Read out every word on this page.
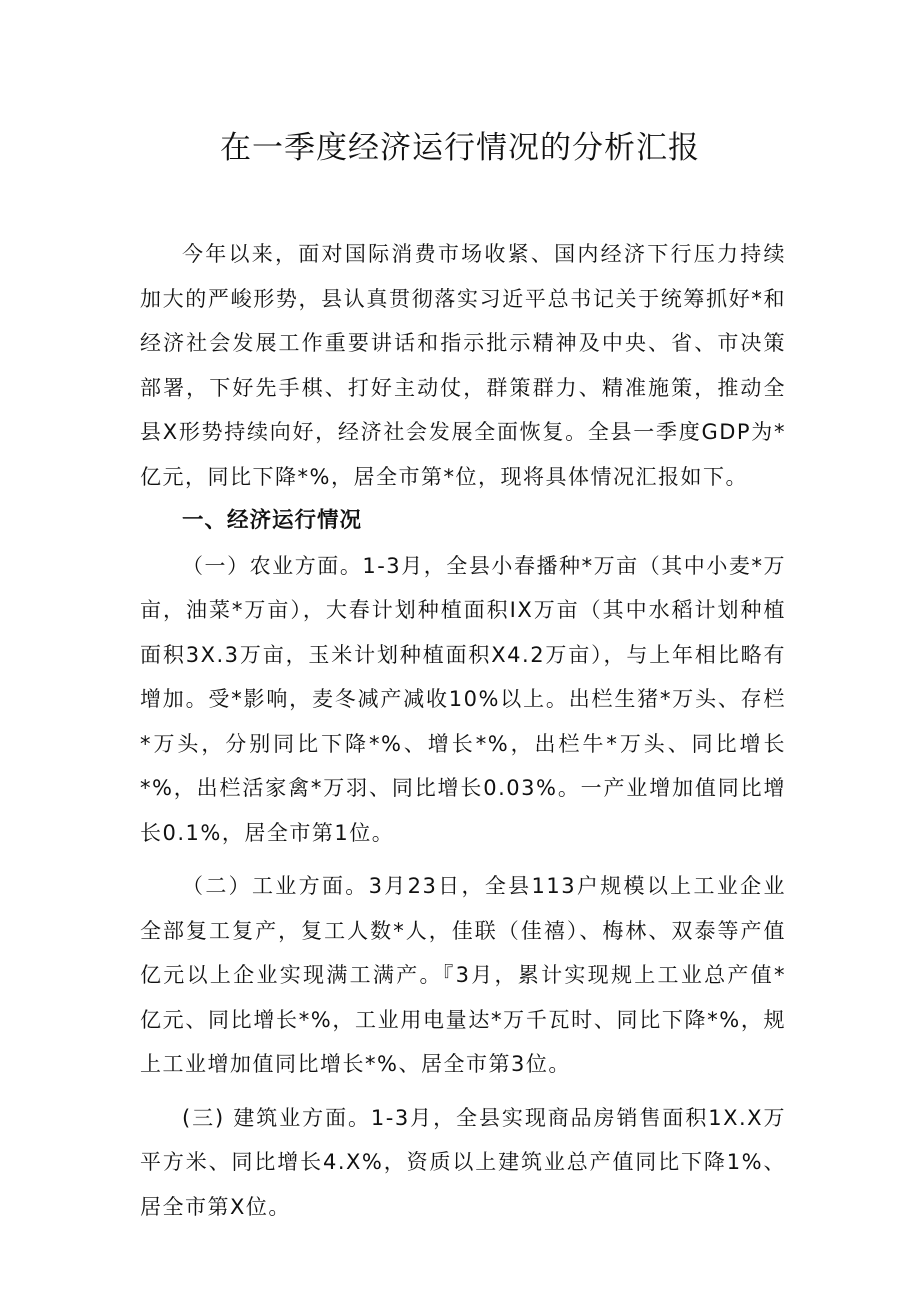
在一季度经济运行情况的分析汇报

今年以来，面对国际消费市场收紧、国内经济下行压力持续加大的严峻形势，县认真贯彻落实习近平总书记关于统筹抓好*和经济社会发展工作重要讲话和指示批示精神及中央、省、市决策部署，下好先手棋、打好主动仗，群策群力、精准施策，推动全县X形势持续向好，经济社会发展全面恢复。全县一季度GDP为*亿元，同比下降*%，居全市第*位，现将具体情况汇报如下。

一、经济运行情况

（一）农业方面。1-3月，全县小春播种*万亩（其中小麦*万亩，油菜*万亩），大春计划种植面积IX万亩（其中水稻计划种植面积3X.3万亩，玉米计划种植面积X4.2万亩），与上年相比略有增加。受*影响，麦冬减产减收10%以上。出栏生猪*万头、存栏*万头，分别同比下降*%、增长*%，出栏牛*万头、同比增长*%，出栏活家禽*万羽、同比增长0.03%。一产业增加值同比增长0.1%，居全市第1位。

（二）工业方面。3月23日，全县113户规模以上工业企业全部复工复产，复工人数*人，佳联（佳禧）、梅林、双泰等产值亿元以上企业实现满工满产。『3月，累计实现规上工业总产值*亿元、同比增长*%，工业用电量达*万千瓦时、同比下降*%，规上工业增加值同比增长*%、居全市第3位。

(三) 建筑业方面。1-3月，全县实现商品房销售面积1X.X万平方米、同比增长4.X%，资质以上建筑业总产值同比下降1%、居全市第X位。
